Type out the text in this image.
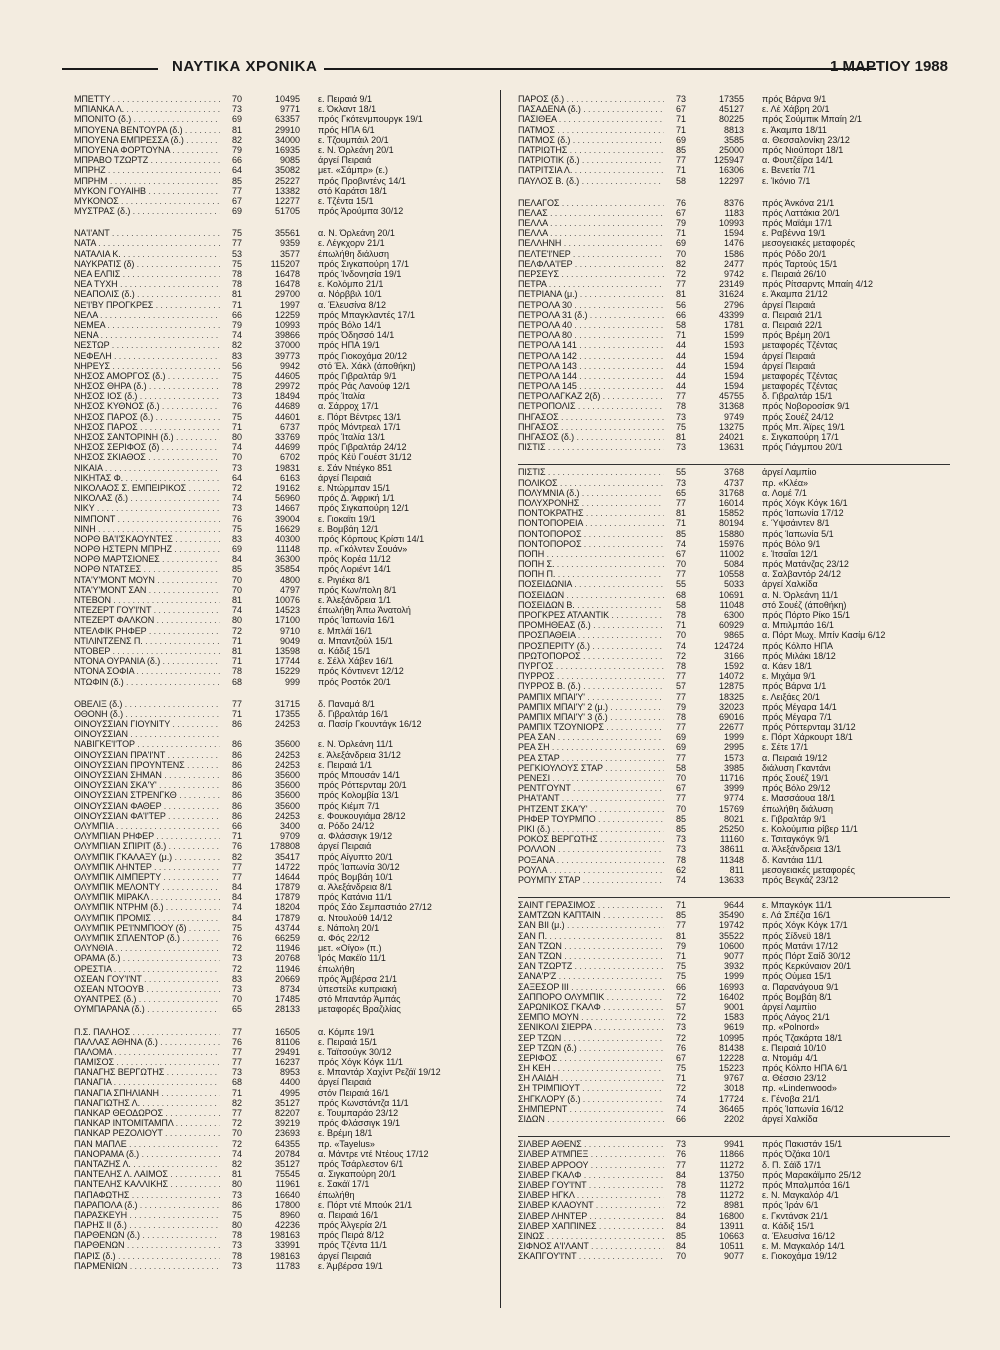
ΝΑΥΤΙΚΑ ΧΡΟΝΙΚΑ	1 ΜΑΡΤΙΟΥ 1988
ΜΠΕΤΤΥ . . .	70	10495	ε. Πειραιά 9/1
ΜΠΙΑΝΚΑ Λ. . . .	73	9771	ε. Όκλαντ 18/1
ΜΠΟΝΙΤΟ (δ.) . . .	69	63357	πρός Γκότενμπουργκ 19/1
ΜΠΟΥΕΝΑ ΒΕΝΤΟΥΡΑ (δ.) . . .	81	29910	πρός ΗΠΑ 6/1
ΜΠΟΥΕΝΑ ΕΜΠΡΕΣΣΑ (δ.) . . .	82	34000	ε. Τζουμπάιλ 20/1
ΜΠΟΥΕΝΑ ΦΟΡΤΟΥΝΑ . . .	79	16935	ε. Ν. Όρλεάνη 20/1
ΜΠΡΑΒΟ ΤΖΩΡΤΖ . . .	66	9085	άργεί Πειραιά
ΜΠΡΗΖ . . .	64	35082	μετ. «Σάμπρ» (ε.)
ΜΠΡΗΜ . . .	85	25227	πρός Προβιντένς 14/1
ΜΥΚΟΝ ΓΟΥΑΙΗΒ . . .	77	13382	στό Καράτσι 18/1
ΜΥΚΟΝΟΣ . . .	67	12277	ε. Τζέντα 15/1
ΜΥΣΤΡΑΣ (δ.) . . .	69	51705	πρός Άρούμπα 30/12
ΝΑ'Ι'ΑΝΤ . . .	75	35561	α. Ν. Όρλεάνη 20/1
ΝΑΤΑ . . .	77	9359	ε. Λέγκχορν 21/1
ΝΑΤΑΛΙΑ Κ. . . .	53	3577	έπωλήθη διάλυση
ΝΑΥΚΡΑΤΙΣ (δ) . . .	75	115207	πρός Σιγκαπούρη 17/1
ΝΕΑ ΕΛΠΙΣ . . .	78	16478	πρός Ίνδονησία 19/1
ΝΕΑ ΤΥΧΗ . . .	78	16478	ε. Κολόμπο 21/1
ΝΕΑΠΟΛΙΣ (δ.) . . .	81	29700	α. Νόρββιλ 10/1
ΝΕ'Ι'ΒΥ ΠΡΟΓΚΡΕΣ . . .	71	1997	α. Έλευσίνα 8/12
ΝΕΛΑ . . .	66	12259	πρός Μπαγκλαντές 17/1
ΝΕΜΕΑ . . .	79	10993	πρός Βόλο 14/1
ΝΕΝΑ . . .	74	39866	πρός Όδησσό 14/1
ΝΕΣΤΩΡ . . .	82	37000	πρός ΗΠΑ 19/1
ΝΕΦΕΛΗ . . .	83	39773	πρός Γιοκοχάμα 20/12
ΝΗΡΕΥΣ . . .	56	9942	στό Έλ. Χάκλ (άποθήκη)
ΝΗΣΟΣ ΑΜΟΡΓΟΣ (δ.) . . .	75	44605	πρός Γιβραλτάρ 9/1
ΝΗΣΟΣ ΘΗΡΑ (δ.) . . .	78	29972	πρός Ράς Λανούφ 12/1
ΝΗΣΟΣ ΙΟΣ (δ.) . . .	73	18494	πρός Ίταλία
ΝΗΣΟΣ ΚΥΘΝΟΣ (δ.) . . .	76	44689	α. Σάρροχ 17/1
ΝΗΣΟΣ ΠΑΡΟΣ (δ.) . . .	75	44601	ε. Πόρτ Βέντρες 13/1
ΝΗΣΟΣ ΠΑΡΟΣ . . .	71	6737	πρός Μόντρεαλ 17/1
ΝΗΣΟΣ ΣΑΝΤΟΡΙΝΗ (δ.) . . .	80	33769	πρός Ίταλία 13/1
ΝΗΣΟΣ ΣΕΡΙΦΟΣ (δ) . . .	74	44699	πρός Γιβραλτάρ 24/12
ΝΗΣΟΣ ΣΚΙΑΘΟΣ . . .	70	6702	πρός Κέϋ Γουέστ 31/12
ΝΙΚΑΙΑ . . .	73	19831	ε. Σάν Ντιέγκο 851
ΝΙΚΗΤΑΣ Φ. . . .	64	6163	άργεί Πειραιά
ΝΙΚΟΛΑΟΣ Σ. ΕΜΠΕΙΡΙΚΟΣ . . .	72	19162	ε. Ντώρμπαν 15/1
ΝΙΚΟΛΑΣ (δ.) . . .	74	56960	πρός Δ. Άφρική 1/1
ΝΙΚΥ . . .	73	14667	πρός Σιγκαπούρη 12/1
ΝΙΜΠΟΝΤ . . .	76	39004	ε. Γιοκαϊτι 19/1
ΝΙΝΗ . . .	75	16629	ε. Βομβάη 12/1
ΝΟΡΘ ΒΑ'Ι'ΣΚΑΟΥΝΤΕΣ . . .	83	40300	πρός Κόρπους Κρίστι 14/1
ΝΟΡΘ ΗΣΤΕΡΝ ΜΠΡΗΖ . . .	69	11148	πρ. «Γκόλντεν Σουάν»
ΝΟΡΘ ΜΑΡΤΣΙΟΝΕΣ . . .	84	36300	πρός Κορέα 11/12
ΝΟΡΘ ΝΤΑΤΣΕΣ . . .	85	35854	πρός Λοριέντ 14/1
ΝΤΑ'Υ'ΜΟΝΤ ΜΟΥΝ . . .	70	4800	ε. Ριγιέκα 8/1
ΝΤΑ'Υ'ΜΟΝΤ ΣΑΝ . . .	70	4797	πρός Κων/πολη 8/1
ΝΤΕΒΟΝ . . .	81	10076	ε. Άλεξάνδρεια 1/1
ΝΤΕΖΕΡΤ ΓΟΥ'Ι'ΝΤ . . .	74	14523	έπωλήθη Άπω Άνατολή
ΝΤΕΖΕΡΤ ΦΑΛΚΟΝ . . .	80	17100	πρός Ίαπωνία 16/1
ΝΤΕΛΦΙΚ ΡΗΦΕΡ . . .	72	9710	ε. Μπλάϊ 16/1
ΝΤΙΛΙΝΤΖΕΝΣ Π. . . .	71	9049	α. Μπαντζούλ 15/1
ΝΤΟΒΕΡ . . .	81	13598	α. Κάδιξ 15/1
ΝΤΟΝΑ ΟΥΡΑΝΙΑ (δ.) . . .	71	17744	ε. Σέλλ Χάβεν 16/1
ΝΤΟΝΑ ΣΟΦΙΑ . . .	78	15229	πρός Κόντινεντ 12/12
ΝΤΩΦΙΝ (δ.) . . .	68	999	πρός Ροστόκ 20/1
ΟΒΕΛΙΞ (δ.) . . .	77	31715	δ. Παναμά 8/1
ΟΘΟΝΗ (δ.) . . .	71	17355	δ. Γιβραλτάρ 16/1
ΟΙΝΟΥΣΣΙΑΝ ΓΙΟΥΝΙΤΥ . . .	86	24253	α. Πασίρ Γκουντάγκ 16/12
ΟΙΝΟΥΣΣΙΑΝ . . .
ΝΑΒΙΓΚΕ'Ι'ΤΟΡ . . .	86	35600	ε. Ν. Όρλεάνη 11/1
ΟΙΝΟΥΣΣΙΑΝ ΠΡΑ'Ι'ΝΤ . . .	86	24253	ε. Άλεξάνδρεια 31/12
ΟΙΝΟΥΣΣΙΑΝ ΠΡΟΥΝΤΕΝΣ . . .	86	24253	ε. Πειραιά 1/1
ΟΙΝΟΥΣΣΙΑΝ ΣΗΜΑΝ . . .	86	35600	πρός Μπουσάν 14/1
ΟΙΝΟΥΣΣΙΑΝ ΣΚΑ'Υ' . . .	86	35600	πρός Ρόττερνταμ 20/1
ΟΙΝΟΥΣΣΙΑΝ ΣΤΡΕΝΓΚΘ . . .	86	35600	πρός Κολομβία 13/1
ΟΙΝΟΥΣΣΙΑΝ ΦΑΘΕΡ . . .	86	35600	πρός Κιέμπ 7/1
ΟΙΝΟΥΣΣΙΑΝ ΦΑ'Ι'ΤΕΡ . . .	86	24253	ε. Φουκουγιάμα 28/12
ΟΛΥΜΠΙΑ . . .	66	3400	α. Ρόδο 24/12
ΟΛΥΜΠΙΑΝ ΡΗΦΕΡ . . .	71	9709	α. Φλάσσιγκ 19/12
ΟΛΥΜΠΙΑΝ ΣΠΙΡΙΤ (δ.) . . .	76	178808	άργεί Πειραιά
ΟΛΥΜΠΙΚ ΓΚΑΛΑΞΥ (μ.) . . .	82	35417	πρός Αίγυπτο 20/1
ΟΛΥΜΠΙΚ ΛΗΝΤΕΡ . . .	77	14722	πρός Ίαπωνία 30/12
ΟΛΥΜΠΙΚ ΛΙΜΠΕΡΤΥ . . .	77	14644	πρός Βομβάη 10/1
ΟΛΥΜΠΙΚ ΜΕΛΟΝΤΥ . . .	84	17879	α. Άλεξάνδρεια 8/1
ΟΛΥΜΠΙΚ ΜΙΡΑΚΛ . . .	84	17879	πρός Κατάνια 11/1
ΟΛΥΜΠΙΚ ΝΤΡΗΜ (δ.) . . .	74	18204	πρός Σάο Σεμπαστιάο 27/12
ΟΛΥΜΠΙΚ ΠΡΟΜΙΣ . . .	84	17879	α. Ντουλούθ 14/12
ΟΛΥΜΠΙΚ ΡΕ'Ι'ΝΜΠΟΟΥ (δ) . . .	75	43744	ε. Νάπολη 20/1
ΟΛΥΜΠΙΚ ΣΠΛΕΝΤΟΡ (δ.) . . .	76	66259	α. Φός 22/12
ΟΛΥΝΘΙΑ . . .	72	11946	μετ. «Οίγο» (π.)
ΟΡΑΜΑ (δ.) . . .	73	20768	Ἰρός Μακέϊο 11/1
ΟΡΕΣΤΙΑ . . .	72	11946	έπωλήθη
ΟΣΕΑΝ ΓΟΥ'Ι'ΝΤ . . .	83	20669	πρός Άμβέρσα 21/1
ΟΣΕΑΝ ΝΤΟΟΥΒ . . .	73	8734	ύπεστείλε κυπριακή
ΟΥΑΝΤΡΕΣ (δ.) . . .	70	17485	στό Μπαντάρ Άμπάς
ΟΥΜΠΑΡΑΝΑ (δ.) . . .	65	28133	μεταφορές Βραζιλίας
Π.Σ. ΠΑΛΗΟΣ . . .	77	16505	α. Κόμπε 19/1
ΠΑΛΛΑΣ ΑΘΗΝΑ (δ.) . . .	76	81106	ε. Πειραιά 15/1
ΠΑΛΟΜΑ . . .	77	29491	ε. Ταϊτσούγκ 30/12
ΠΑΜΙΣΟΣ . . .	77	16237	πρός Χόγκ Κόγκ 11/1
ΠΑΝΑΓΗΣ ΒΕΡΓΩΤΗΣ . . .	73	8953	ε. Μπαντάρ Χαχίντ Ρεζάϊ 19/12
ΠΑΝΑΓΙΑ . . .	68	4400	άργεί Πειραιά
ΠΑΝΑΓΙΑ ΣΠΗΛΙΑΝΗ . . .	71	4995	στόν Πειραιά 16/1
ΠΑΝΑΓΙΩΤΗΣ Λ. . . .	82	35127	πρός Κωνστάντζα 11/1
ΠΑΝΚΑΡ ΘΕΟΔΩΡΟΣ . . .	77	82207	ε. Τουμπαράο 23/12
ΠΑΝΚΑΡ ΙΝΤΟΜΙΤΑΜΠΛ . . .	72	39219	πρός Φλάσσιγκ 19/1
ΠΑΝΚΑΡ ΡΕΖΟΛΙΟΥΤ . . .	70	23693	ε. Βρέμη 18/1
ΠΑΝ ΜΑΠΛΕ . . .	72	64355	πρ. «Tayelus»
ΠΑΝΟΡΑΜΑ (δ.) . . .	74	20784	α. Μάντρε ντέ Ντέους 17/12
ΠΑΝΤΑΖΗΣ Λ. . . .	82	35127	πρός Τσάρλεστον 6/1
ΠΑΝΤΕΛΗΣ Λ. ΛΑΙΜΟΣ . . .	81	75545	α. Σιγκαπούρη 20/1
ΠΑΝΤΕΛΗΣ ΚΑΛΛΙΚΗΣ . . .	80	11961	ε. Σακάϊ 17/1
ΠΑΠΑΦΩΤΗΣ . . .	73	16640	έπωλήθη
ΠΑΡΑΠΟΛΑ (δ.) . . .	86	17800	ε. Πόρτ ντέ Μπούκ 21/1
ΠΑΡΑΣΚΕΥΗ . . .	75	8960	α. Πειραιά 16/1
ΠΑΡΗΣ ΙΙ (δ.) . . .	80	42236	πρός Άλγερία 2/1
ΠΑΡΘΕΝΩΝ (δ.) . . .	78	198163	πρός Πειρά 8/12
ΠΑΡΘΕΝΩΝ . . .	73	33991	πρός Τζέντα 11/1
ΠΑΡΙΣ (δ.) . . .	78	198163	άργεί Πειραιά
ΠΑΡΜΕΝΙΩΝ . . .	73	11783	ε. Άμβέρσα 19/1
ΠΑΡΟΣ (δ.) . . .	73	17355	πρός Βάρνα 9/1
ΠΑΣΑΔΕΝΑ (δ.) . . .	67	45127	ε. Λέ Χάβρη 20/1
ΠΑΣΙΘΕΑ . . .	71	80225	πρός Σούμπικ Μπαίη 2/1
ΠΑΤΜΟΣ . . .	71	8813	ε. Άκαμπα 18/11
ΠΑΤΜΟΣ (δ.) . . .	69	3585	α. Θεσσαλονίκη 23/12
ΠΑΤΡΙΩΤΗΣ . . .	85	25000	πρός Νιούπορτ 18/1
ΠΑΤΡΙΟΤΙΚ (δ.) . . .	77	125947	α. Φουτζέϊρα 14/1
ΠΑΤΡΙΤΣΙΑ Λ. . . .	71	16306	ε. Βενετία 7/1
ΠΑΥΛΟΣ Β. (δ.) . . .	58	12297	ε. Ίκόνιο 7/1
ΠΕΛΑΓΟΣ . . .	76	8376	πρός Άνκόνα 21/1
ΠΕΛΑΣ . . .	67	1183	πρός Λαττάκια 20/1
ΠΕΛΛΑ . . .	79	10993	πρός Μαϊάμι 17/1
ΠΕΛΛΑ . . .	71	1594	ε. Ραβέννα 19/1
ΠΕΛΛΗΝΗ . . .	69	1476	μεσογειακές μεταφορές
ΠΕΛΤΕ'Ι'ΝΕΡ . . .	70	1586	πρός Ρόδο 20/1
ΠΕΛΦΛΑ'Ι'ΕΡ . . .	82	2477	πρός Ταρτούς 15/1
ΠΕΡΣΕΥΣ . . .	72	9742	ε. Πειραιά 26/10
ΠΕΤΡΑ . . .	77	23149	πρός Ρίτσαρντς Μπαίη 4/12
ΠΕΤΡΙΑΝΑ (μ.) . . .	81	31624	ε. Άκαμπα 21/12
ΠΕΤΡΟΛΑ 30 . . .	56	2796	άργεί Πειραιά
ΠΕΤΡΟΛΑ 31 (δ.) . . .	66	43399	α. Πειραιά 21/1
ΠΕΤΡΟΛΑ 40 . . .	58	1781	α. Πειραιά 22/1
ΠΕΤΡΟΛΑ 80 . . .	71	1599	πρός Βρέμη 20/1
ΠΕΤΡΟΛΑ 141 . . .	44	1593	μεταφορές Τζέντας
ΠΕΤΡΟΛΑ 142 . . .	44	1594	άργεί Πειραιά
ΠΕΤΡΟΛΑ 143 . . .	44	1594	άργεί Πειραιά
ΠΕΤΡΟΛΑ 144 . . .	44	1594	μεταφορές Τζέντας
ΠΕΤΡΟΛΑ 145 . . .	44	1594	μεταφορές Τζέντας
ΠΕΤΡΟΛΑΓΚΑΖ 2(δ) . . .	77	45755	δ. Γιβραλτάρ 15/1
ΠΕΤΡΟΠΟΛΙΣ . . .	78	31368	πρός Νοβοροσίσκ 9/1
ΠΗΓΑΣΟΣ . . .	73	9749	πρός Σουέζ 24/12
ΠΗΓΑΣΟΣ . . .	75	13275	πρός Μπ. Άϊρες 19/1
ΠΗΓΑΣΟΣ (δ.) . . .	81	24021	ε. Σιγκαπούρη 17/1
ΠΙΣΤΙΣ . . .	73	13631	πρός Γιάγμπου 20/1
ΠΙΣΤΙΣ . . .	55	3768	άργεί Λαμπίιο
ΠΟΛΙΚΟΣ . . .	73	4737	πρ. «Κλέα»
ΠΟΛΥΜΝΙΑ (δ.) . . .	65	31768	α. Λομέ 7/1
ΠΟΛΥΧΡΟΝΗΣ . . .	77	16014	πρός Χόγκ Κόγκ 16/1
ΠΟΝΤΟΚΡΑΤΗΣ . . .	81	15852	πρός Ίαπωνία 17/12
ΠΟΝΤΟΠΟΡΕΙΑ . . .	71	80194	ε. Ύψσάιντεν 8/1
ΠΟΝΤΟΠΟΡΟΣ . . .	85	15880	πρός Ίαπωνία 5/1
ΠΟΝΤΟΠΟΡΟΣ . . .	74	15976	πρός Βόλο 9/1
ΠΟΠΗ . . .	67	11002	ε. Ίτσαΐαι 12/1
ΠΟΠΗ Σ. . . .	70	5084	πρός Ματάνζας 23/12
ΠΟΠΗ Π. . . .	77	10558	α. Σαλβαντόρ 24/12
ΠΟΣΕΙΔΩΝΙΑ . . .	55	5033	άργεί Χαλκίδα
ΠΟΣΕΙΔΩΝ . . .	68	10691	α. Ν. Όρλεάνη 11/1
ΠΟΣΕΙΔΩΝ Β. . . .	58	11048	στό Σουέζ (άποθήκη)
ΠΡΟΓΚΡΕΣ ΑΤΛΑΝΤΙΚ . . .	78	6300	πρός Πόρτο Ρίκο 15/1
ΠΡΟΜΗΘΕΑΣ (δ.) . . .	71	60929	α. Μπιλμπάο 16/1
ΠΡΟΣΠΑΘΕΙΑ . . .	70	9865	α. Πόρτ Μωχ. Μπίν Κασίμ 6/12
ΠΡΟΣΠΕΡΙΤΥ (δ.) . . .	74	124724	πρός Κόλπο ΗΠΑ
ΠΡΩΤΟΠΟΡΟΣ . . .	72	3166	πρός Μιλάκι 18/12
ΠΥΡΓΟΣ . . .	78	1592	α. Κάεν 18/1
ΠΥΡΡΟΣ . . .	77	14072	ε. Μιχάμα 9/1
ΠΥΡΡΟΣ Β. (δ.) . . .	57	12875	πρός Βάρνα 1/1
ΡΑΜΠΙΧ ΜΠΑΙ'Υ' . . .	77	18325	ε. Λειξάες 20/1
ΡΑΜΠΙΧ ΜΠΑΙ'Υ' 2 (μ.) . . .	79	32023	πρός Μέγαρα 14/1
ΡΑΜΠΙΧ ΜΠΑΙ'Υ' 3 (δ.) . . .	78	69016	πρός Μέγαρα 7/1
ΡΑΜΠΙΧ ΤΖΟΥΝΙΟΡΣ . . .	77	22677	πρός Ρόττερνταμ 31/12
ΡΕΑ ΣΑΝ . . .	69	1999	ε. Πόρτ Χάρκουρτ 18/1
ΡΕΑ ΣΗ . . .	69	2995	ε. Σέτε 17/1
ΡΕΑ ΣΤΑΡ . . .	77	1573	α. Πειραιά 19/12
ΡΕΓΚΙΟΥΛΟΥΣ ΣΤΑΡ . . .	58	3985	διάλυση Γκαντάνι
ΡΕΝΕΣΙ . . .	70	11716	πρός Σουέζ 19/1
ΡΕΝΤΓΟΥΝΤ . . .	67	3999	πρός Βόλο 29/12
ΡΗΑ'Ι'ΑΝΤ . . .	77	9774	ε. Μασσάουα 18/1
ΡΗΤΖΕΝΤ ΣΚΑ'Υ' . . .	70	15769	έπωλήθη διάλυση
ΡΗΦΕΡ ΤΟΥΡΜΠΟ . . .	85	8021	ε. Γιβραλτάρ 9/1
ΡΙΚΙ (δ.) . . .	85	25250	ε. Κολούμπια ρίβερ 11/1
ΡΟΚΟΣ ΒΕΡΓΩΤΗΣ . . .	73	11160	ε. Τσιταγκόγκ 9/1
ΡΟΛΛΟΝ . . .	73	38611	α. Άλεξάνδρεια 13/1
ΡΟΞΑΝΑ . . .	78	11348	δ. Καντάια 11/1
ΡΟΥΛΑ . . .	62	811	μεσογειακές μεταφορές
ΡΟΥΜΠΥ ΣΤΑΡ . . .	74	13633	πρός Βεγκάζ 23/12
ΣΑΙΝΤ ΓΕΡΑΣΙΜΟΣ . . .	71	9644	ε. Μπαγκόγκ 11/1
ΣΑΜΤΖΩΝ ΚΑΠΤΑΙΝ . . .	85	35490	ε. Λά Σπέζια 16/1
ΣΑΝ ΒΙΙ (μ.) . . .	77	19742	πρός Χόγκ Κόγκ 17/1
ΣΑΝ Π. . . .	81	35522	πρός Σίδνεϋ 18/1
ΣΑΝ ΤΖΩΝ . . .	79	10600	πρός Ματάνι 17/12
ΣΑΝ ΤΖΩΝ . . .	71	9077	πρός Πόρτ Σαίδ 30/12
ΣΑΝ ΤΖΩΡΤΖ . . .	75	3932	πρός Κερκύναιον 20/1
ΣΑΝΑ'Ρ'Ζ . . .	75	1999	πρός Ούμεα 15/1
ΣΑΞΕΣΟΡ ΙΙΙ . . .	66	16993	α. Παρανάγουα 9/1
ΣΑΠΠΟΡΟ ΟΛΥΜΠΙΚ . . .	72	16402	πρός Βομβάη 8/1
ΣΑΡΩΝΙΚΟΣ ΓΚΑΛΦ . . .	57	9001	άργεί Λαμπίιο
ΣΕΜΠΟ ΜΟΥΝ . . .	72	1583	πρός Λάγος 21/1
ΣΕΝΙΚΟΛΙ ΣΙΕΡΡΑ . . .	73	9619	πρ. «Polnord»
ΣΕΡ ΤΖΩΝ . . .	72	10995	πρός Τζακάρτα 18/1
ΣΕΡ ΤΖΩΝ (δ.) . . .	76	81438	ε. Πειραιά 10/10
ΣΕΡΙΦΟΣ . . .	67	12228	α. Ντομάμ 4/1
ΣΗ ΚΕΗ . . .	75	15223	πρός Κόλπο ΗΠΑ 6/1
ΣΗ ΛΑΙΔΗ . . .	71	9767	α. Θέσσιο 23/12
ΣΗ ΤΡΙΜΠΙΟΥΤ . . .	72	3018	πρ. «Lindenwood»
ΣΗΓΚΛΟΡΥ (δ.) . . .	74	17724	ε. Γένοβα 21/1
ΣΗΜΠΕΡΝΤ . . .	74	36465	πρός Ίαπωνία 16/12
ΣΙΔΩΝ . . .	66	2202	άργεί Χαλκίδα
ΣΙΛΒΕΡ ΑΘΕΝΣ . . .	73	9941	πρός Πακιστάν 15/1
ΣΙΛΒΕΡ Α'Ι'ΜΠΕΞ . . .	76	11866	πρός Όζάκα 10/1
ΣΙΛΒΕΡ ΑΡΡΟΟΥ . . .	77	11272	δ. Π. Σάϊδ 17/1
ΣΙΛΒΕΡ ΓΚΑΛΦ . . .	84	13750	πρός Μαρακάϊμπο 25/12
ΣΙΛΒΕΡ ΓΟΥ'Ι'ΝΤ . . .	78	11272	πρός Μπαλμπόα 16/1
ΣΙΛΒΕΡ ΗΓΚΛ . . .	78	11272	ε. Ν. Μαγκαλόρ 4/1
ΣΙΛΒΕΡ ΚΛΑΟΥΝΤ . . .	72	8981	πρός Ίράν 6/1
ΣΙΛΒΕΡ ΛΗΝΤΕΡ . . .	84	16800	ε. Γκντάνσκ 21/1
ΣΙΛΒΕΡ ΧΑΠΠΙΝΕΣ . . .	84	13911	α. Κάδιξ 15/1
ΣΙΝΩΣ . . .	85	10663	α. Έλευσίνα 16/12
ΣΙΦΝΟΣ Α'Ι'ΛΑΝΤ . . .	84	10511	ε. Μ. Μαγκαλόρ 14/1
ΣΚΑΠΓΟΥ'Ι'ΝΤ . . .	70	9077	ε. Γιοκοχάμα 19/12
